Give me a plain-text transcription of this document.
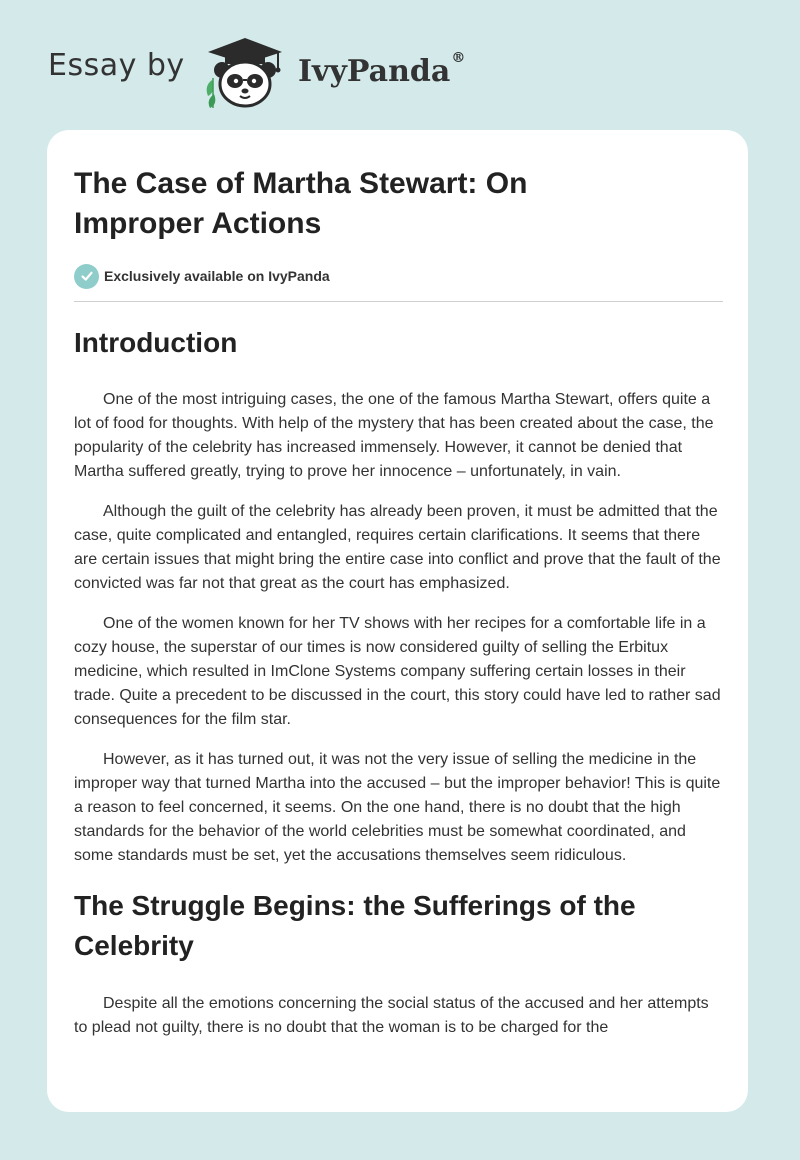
Essay by	IvyPanda®
The Case of Martha Stewart: On Improper Actions
Exclusively available on IvyPanda
Introduction

One of the most intriguing cases, the one of the famous Martha Stewart, offers quite a lot of food for thoughts. With help of the mystery that has been created about the case, the popularity of the celebrity has increased immensely. However, it cannot be denied that Martha suffered greatly, trying to prove her innocence – unfortunately, in vain.

Although the guilt of the celebrity has already been proven, it must be admitted that the case, quite complicated and entangled, requires certain clarifications. It seems that there are certain issues that might bring the entire case into conflict and prove that the fault of the convicted was far not that great as the court has emphasized.

One of the women known for her TV shows with her recipes for a comfortable life in a cozy house, the superstar of our times is now considered guilty of selling the Erbitux medicine, which resulted in ImClone Systems company suffering certain losses in their trade. Quite a precedent to be discussed in the court, this story could have led to rather sad consequences for the film star.

However, as it has turned out, it was not the very issue of selling the medicine in the improper way that turned Martha into the accused – but the improper behavior! This is quite a reason to feel concerned, it seems. On the one hand, there is no doubt that the high standards for the behavior of the world celebrities must be somewhat coordinated, and some standards must be set, yet the accusations themselves seem ridiculous.

The Struggle Begins: the Sufferings of the Celebrity

Despite all the emotions concerning the social status of the accused and her attempts to plead not guilty, there is no doubt that the woman is to be charged for the
